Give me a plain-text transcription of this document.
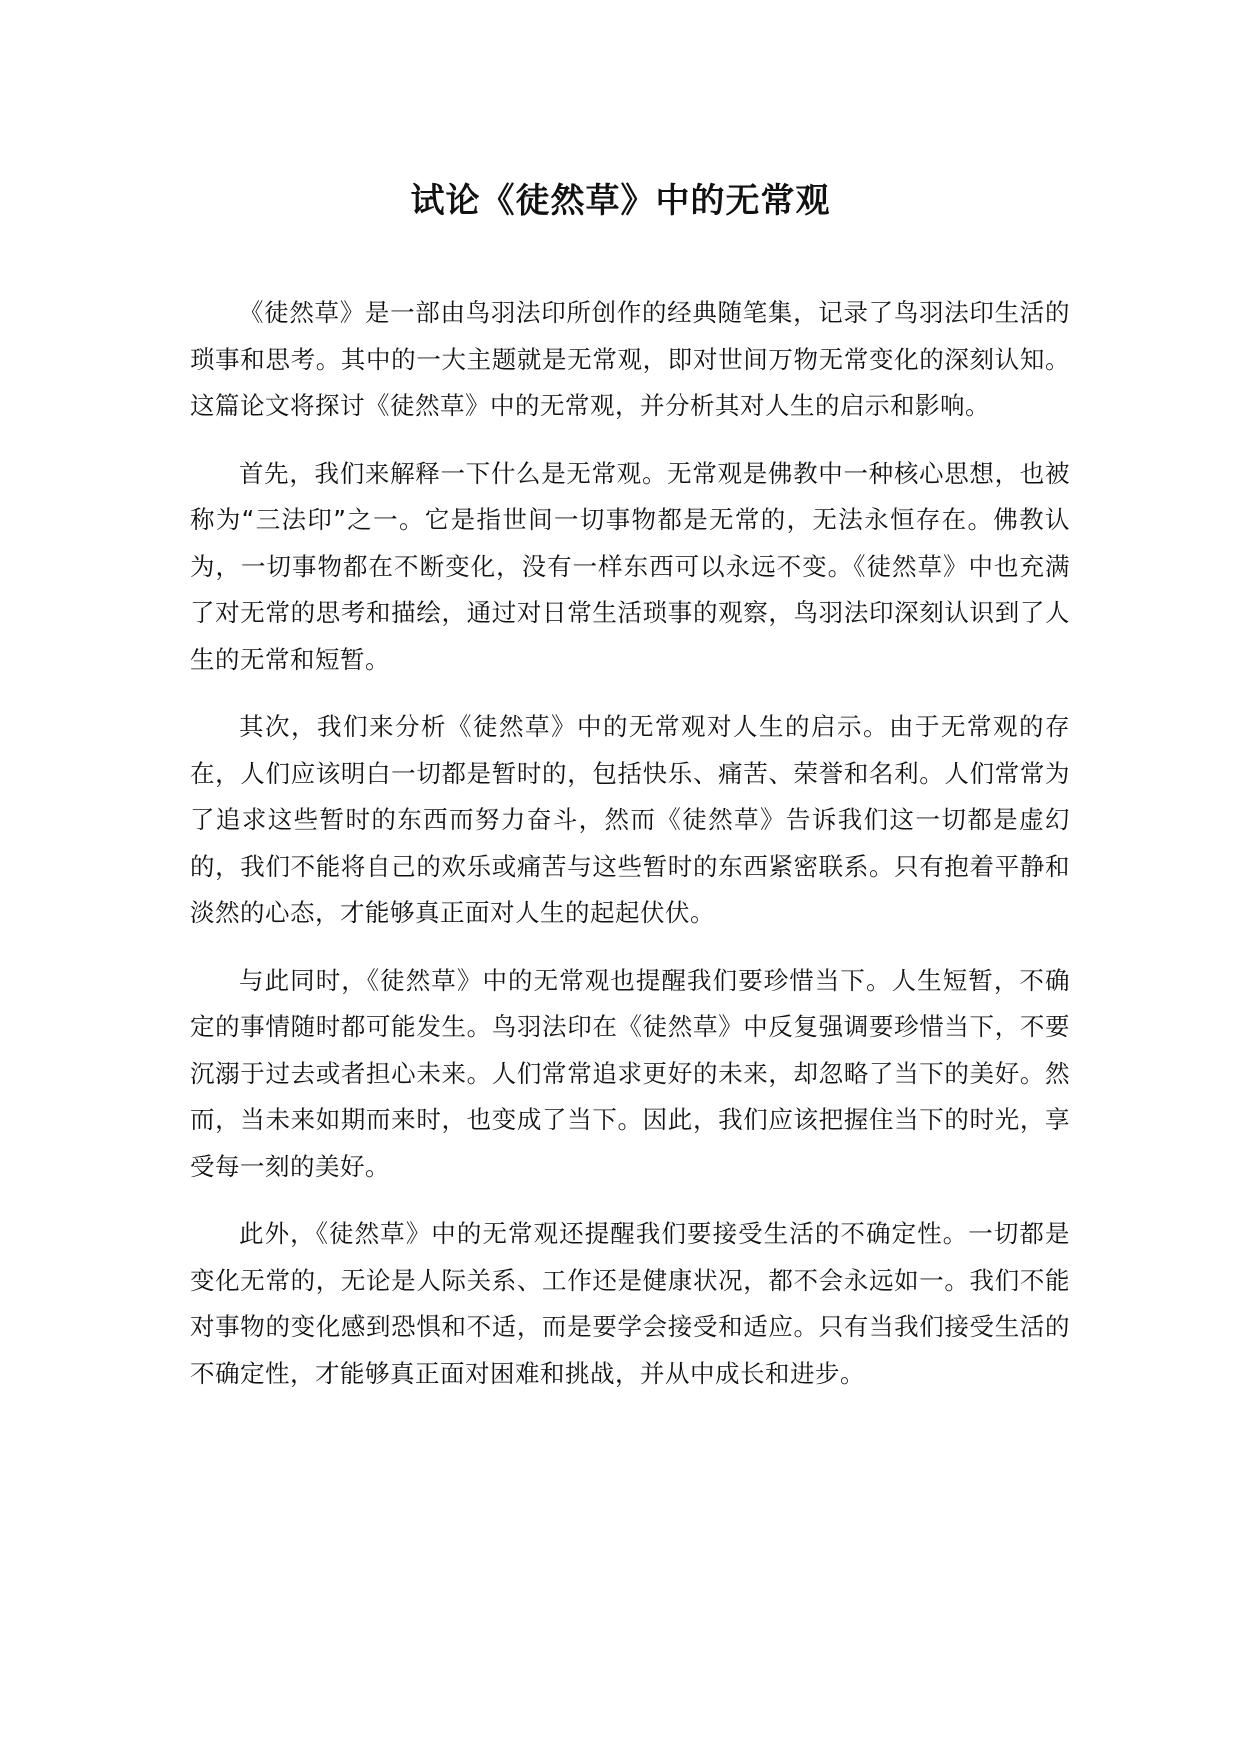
试论《徒然草》中的无常观

《徒然草》是一部由鸟羽法印所创作的经典随笔集，记录了鸟羽法印生活的琐事和思考。其中的一大主题就是无常观，即对世间万物无常变化的深刻认知。这篇论文将探讨《徒然草》中的无常观，并分析其对人生的启示和影响。

首先，我们来解释一下什么是无常观。无常观是佛教中一种核心思想，也被称为“三法印”之一。它是指世间一切事物都是无常的，无法永恒存在。佛教认为，一切事物都在不断变化，没有一样东西可以永远不变。《徒然草》中也充满了对无常的思考和描绘，通过对日常生活琐事的观察，鸟羽法印深刻认识到了人生的无常和短暂。

其次，我们来分析《徒然草》中的无常观对人生的启示。由于无常观的存在，人们应该明白一切都是暂时的，包括快乐、痛苦、荣誉和名利。人们常常为了追求这些暂时的东西而努力奋斗，然而《徒然草》告诉我们这一切都是虚幻的，我们不能将自己的欢乐或痛苦与这些暂时的东西紧密联系。只有抱着平静和淡然的心态，才能够真正面对人生的起起伏伏。

与此同时，《徒然草》中的无常观也提醒我们要珍惜当下。人生短暂，不确定的事情随时都可能发生。鸟羽法印在《徒然草》中反复强调要珍惜当下，不要沉溺于过去或者担心未来。人们常常追求更好的未来，却忽略了当下的美好。然而，当未来如期而来时，也变成了当下。因此，我们应该把握住当下的时光，享受每一刻的美好。

此外，《徒然草》中的无常观还提醒我们要接受生活的不确定性。一切都是变化无常的，无论是人际关系、工作还是健康状况，都不会永远如一。我们不能对事物的变化感到恐惧和不适，而是要学会接受和适应。只有当我们接受生活的不确定性，才能够真正面对困难和挑战，并从中成长和进步。
